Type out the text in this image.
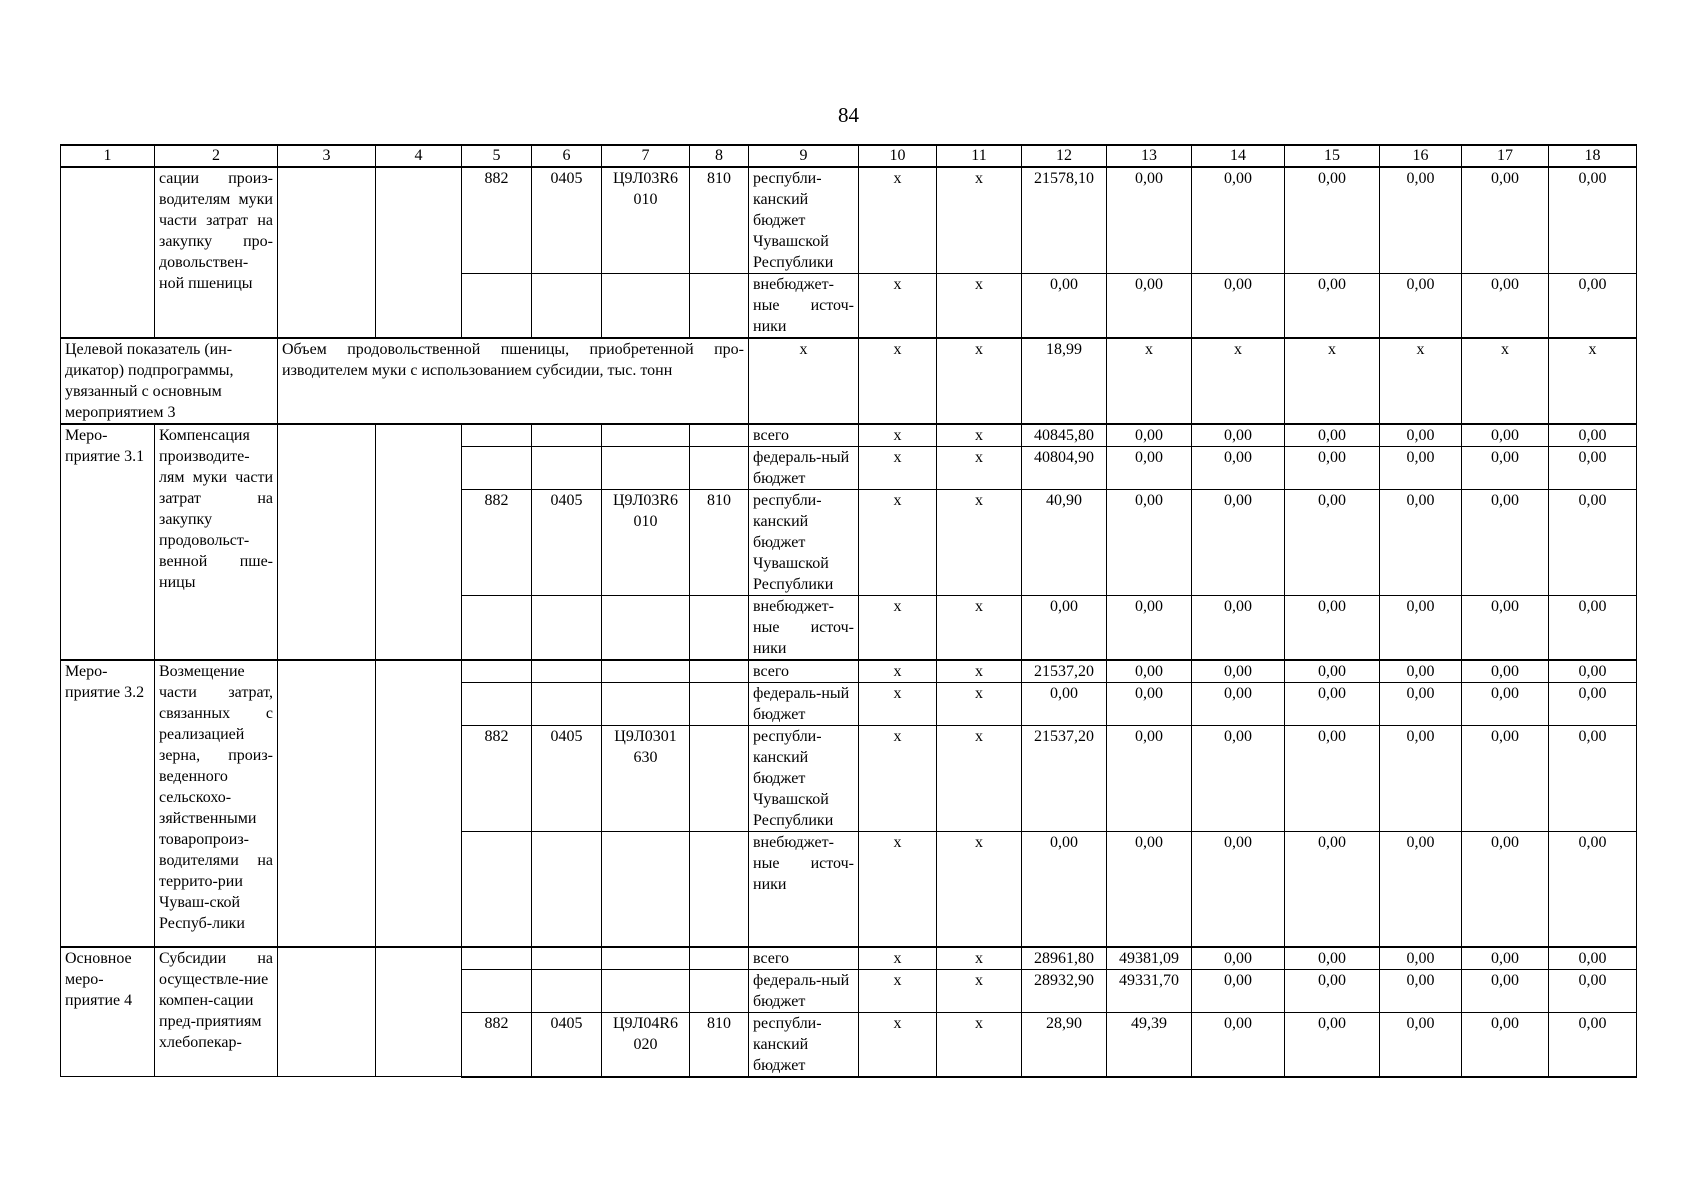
84
1	2	3	4	5	6	7	8	9	10	11	12	13	14	15	16	17	18
	сации произ-водителям муки части затрат на закупку про-довольствен-ной пшеницы			882	0405	Ц9Л03R6 010	810	республи-канский бюджет Чувашской Республики	x	x	21578,10	0,00	0,00	0,00	0,00	0,00	0,00
								внебюджет-ные источ-ники	x	x	0,00	0,00	0,00	0,00	0,00	0,00	0,00
Целевой показатель (ин-дикатор) подпрограммы, увязанный с основным мероприятием 3		Объем продовольственной пшеницы, приобретенной про-изводителем муки с использованием субсидии, тыс. тонн						x	x	x	18,99	x	x	x	x	x	x
Меро-приятие 3.1	Компенсация производите-лям муки части затрат на закупку продовольст-венной пше-ницы							всего	x	x	40845,80	0,00	0,00	0,00	0,00	0,00	0,00
								федераль-ный бюджет	x	x	40804,90	0,00	0,00	0,00	0,00	0,00	0,00
				882	0405	Ц9Л03R6 010	810	республи-канский бюджет Чувашской Республики	x	x	40,90	0,00	0,00	0,00	0,00	0,00	0,00
								внебюджет-ные источ-ники	x	x	0,00	0,00	0,00	0,00	0,00	0,00	0,00
Меро-приятие 3.2	Возмещение части затрат, связанных с реализацией зерна, произ-веденного сельскохо-зяйственными товаропроиз-водителями на террито-рии Чуваш-ской Респуб-лики							всего	x	x	21537,20	0,00	0,00	0,00	0,00	0,00	0,00
								федераль-ный бюджет	x	x	0,00	0,00	0,00	0,00	0,00	0,00	0,00
				882	0405	Ц9Л0301 630		республи-канский бюджет Чувашской Республики	x	x	21537,20	0,00	0,00	0,00	0,00	0,00	0,00
								внебюджет-ные источ-ники	x	x	0,00	0,00	0,00	0,00	0,00	0,00	0,00
Основное меро-приятие 4	Субсидии на осуществле-ние компен-сации пред-приятиям хлебопекар-							всего	x	x	28961,80	49381,09	0,00	0,00	0,00	0,00	0,00
								федераль-ный бюджет	x	x	28932,90	49331,70	0,00	0,00	0,00	0,00	0,00
				882	0405	Ц9Л04R6 020	810	республи-канский бюджет	x	x	28,90	49,39	0,00	0,00	0,00	0,00	0,00
